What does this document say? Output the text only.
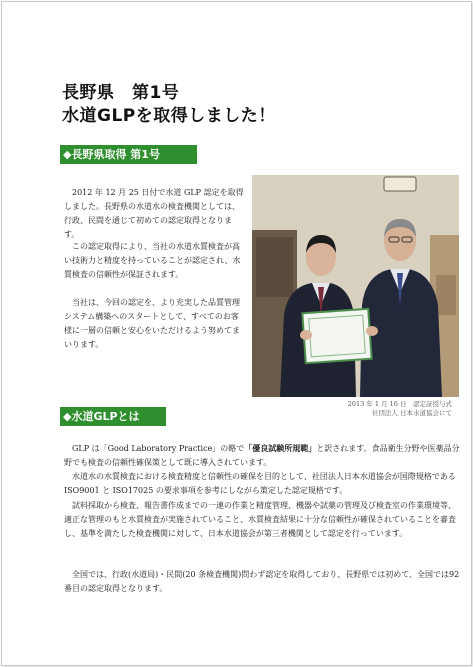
長野県　第1号
水道GLPを取得しました！
◆長野県取得 第1号

2012 年 12 月 25 日付で水道 GLP 認定を取得しました。長野県の水道水の検査機関としては、行政、民間を通じて初めての認定取得となります。

この認定取得により、当社の水道水質検査が高い技術力と精度を持っていることが認定され、水質検査の信頼性が保証されます。

当社は、今回の認定を、より充実した品質管理システム構築へのスタートとして、すべてのお客様に一層の信頼と安心をいただけるよう努めてまいります。

2013 年 1 月 16 日　認定証授与式
社団法人 日本水道協会にて

◆水道GLPとは

GLP は「Good Laboratory Practice」の略で「優良試験所規範」と訳されます。食品衛生分野や医薬品分野でも検査の信頼性確保策として既に導入されています。

水道水の水質検査における検査精度と信頼性の確保を目的として、社団法人日本水道協会が国際規格である ISO9001 と ISO17025 の要求事項を参考にしながら策定した認定規格です。

試料採取から検査、報告書作成までの一連の作業と精度管理、機器や試薬の管理及び検査室の作業環境等、適正な管理のもと水質検査が実施されていること、水質検査結果に十分な信頼性が確保されていることを審査し、基準を満たした検査機関に対して、日本水道協会が第三者機関として認定を行っています。

全国では、行政(水道局)・民間(20 条検査機関)問わず認定を取得しており、長野県では初めて、全国では92番目の認定取得となります。
